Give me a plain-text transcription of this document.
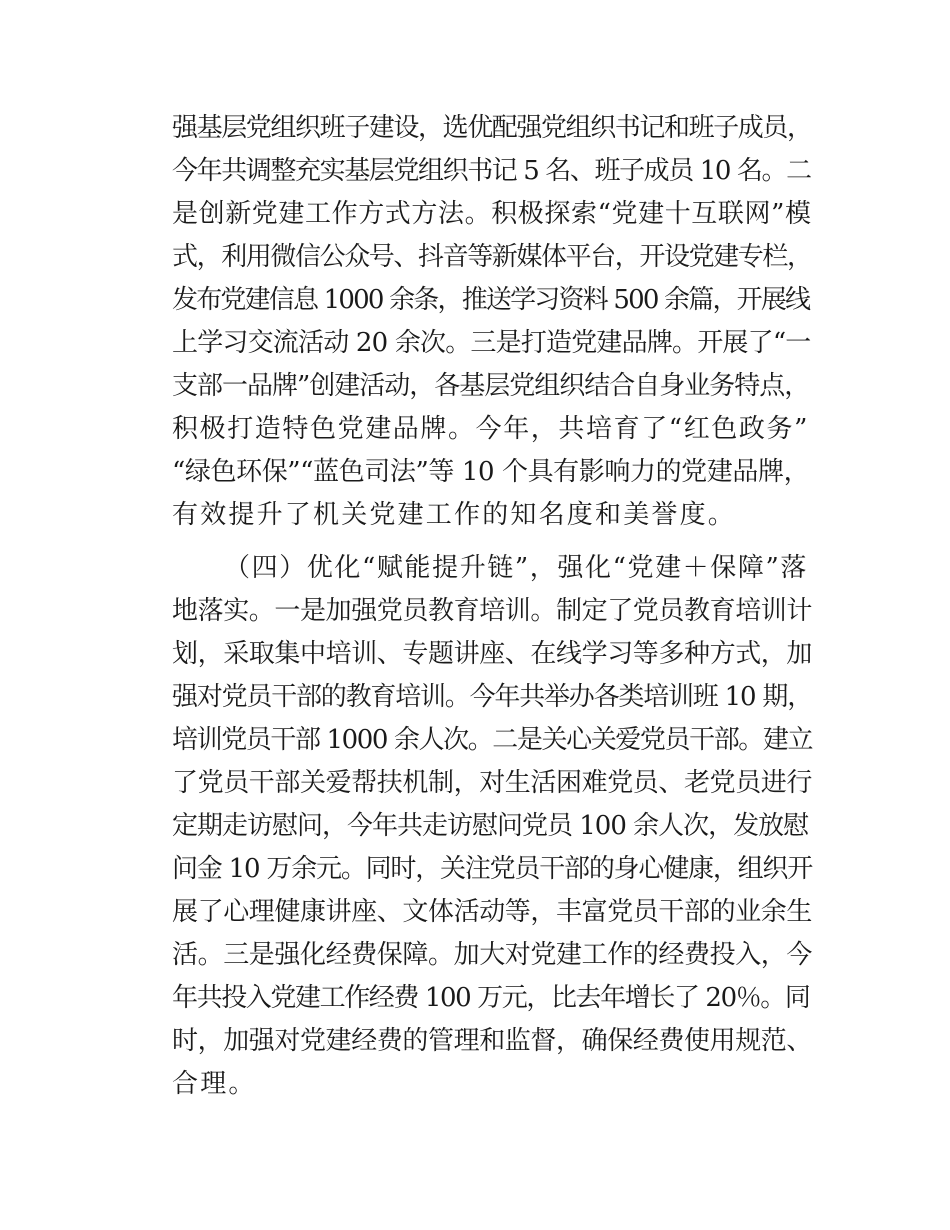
强基层党组织班子建设，选优配强党组织书记和班子成员，

今年共调整充实基层党组织书记 5 名、班子成员 10 名。二

是创新党建工作方式方法。积极探索“党建十互联网”模

式，利用微信公众号、抖音等新媒体平台，开设党建专栏，

发布党建信息 1000 余条，推送学习资料 500 余篇，开展线

上学习交流活动 20 余次。三是打造党建品牌。开展了“一

支部一品牌”创建活动，各基层党组织结合自身业务特点，

积极打造特色党建品牌。今年，共培育了“红色政务”

“绿色环保”“蓝色司法”等 10 个具有影响力的党建品牌，

有效提升了机关党建工作的知名度和美誉度。

（四）优化“赋能提升链”，强化“党建＋保障”落

地落实。一是加强党员教育培训。制定了党员教育培训计

划，采取集中培训、专题讲座、在线学习等多种方式，加

强对党员干部的教育培训。今年共举办各类培训班 10 期，

培训党员干部 1000 余人次。二是关心关爱党员干部。建立

了党员干部关爱帮扶机制，对生活困难党员、老党员进行

定期走访慰问，今年共走访慰问党员 100 余人次，发放慰

问金 10 万余元。同时，关注党员干部的身心健康，组织开

展了心理健康讲座、文体活动等，丰富党员干部的业余生

活。三是强化经费保障。加大对党建工作的经费投入，今

年共投入党建工作经费 100 万元，比去年增长了 20％。同

时，加强对党建经费的管理和监督，确保经费使用规范、

合理。
